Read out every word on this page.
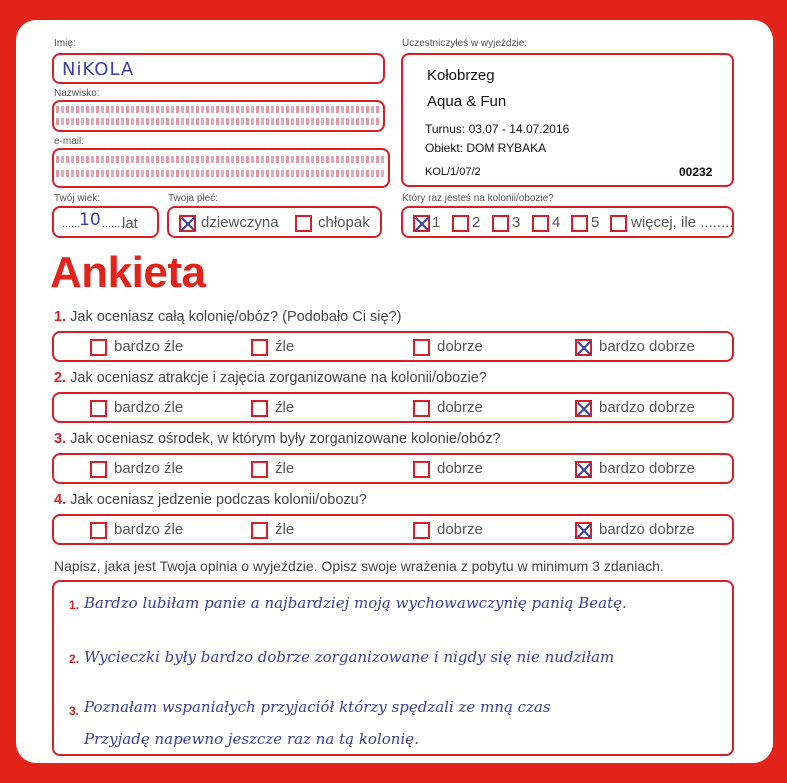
Imię:
NiKOLA
Nazwisko:
e-mail:
Twój wiek:
......
10 .......
lat
Twoja płeć:
dziewczyna	chłopak
Uczestniczyłeś w wyjeździe:
Kołobrzeg
Aqua & Fun
Turnus: 03.07 - 14.07.2016
Obiekt: DOM RYBAKA
KOL/1/07/2	00232
Który raz jesteś na kolonii/obozie?
1 2 3 4 5 więcej, ile ........
Ankieta
1. Jak oceniasz całą kolonię/obóz? (Podobało Ci się?)
bardzo źle	źle	dobrze	bardzo dobrze
2. Jak oceniasz atrakcje i zajęcia zorganizowane na kolonii/obozie?
bardzo źle	źle	dobrze	bardzo dobrze
3. Jak oceniasz ośrodek, w którym były zorganizowane kolonie/obóz?
bardzo źle	źle	dobrze	bardzo dobrze
4. Jak oceniasz jedzenie podczas kolonii/obozu?
bardzo źle	źle	dobrze	bardzo dobrze
Napisz, jaka jest Twoja opinia o wyjeździe. Opisz swoje wrażenia z pobytu w minimum 3 zdaniach.
1. Bardzo lubiłam panie a najbardziej moją wychowawczynię panią Beatę.
2. Wycieczki były bardzo dobrze zorganizowane i nigdy się nie nudziłam
3. Poznałam wspaniałych przyjaciół którzy spędzali ze mną czas
Przyjadę napewno jeszcze raz na tą kolonię.
